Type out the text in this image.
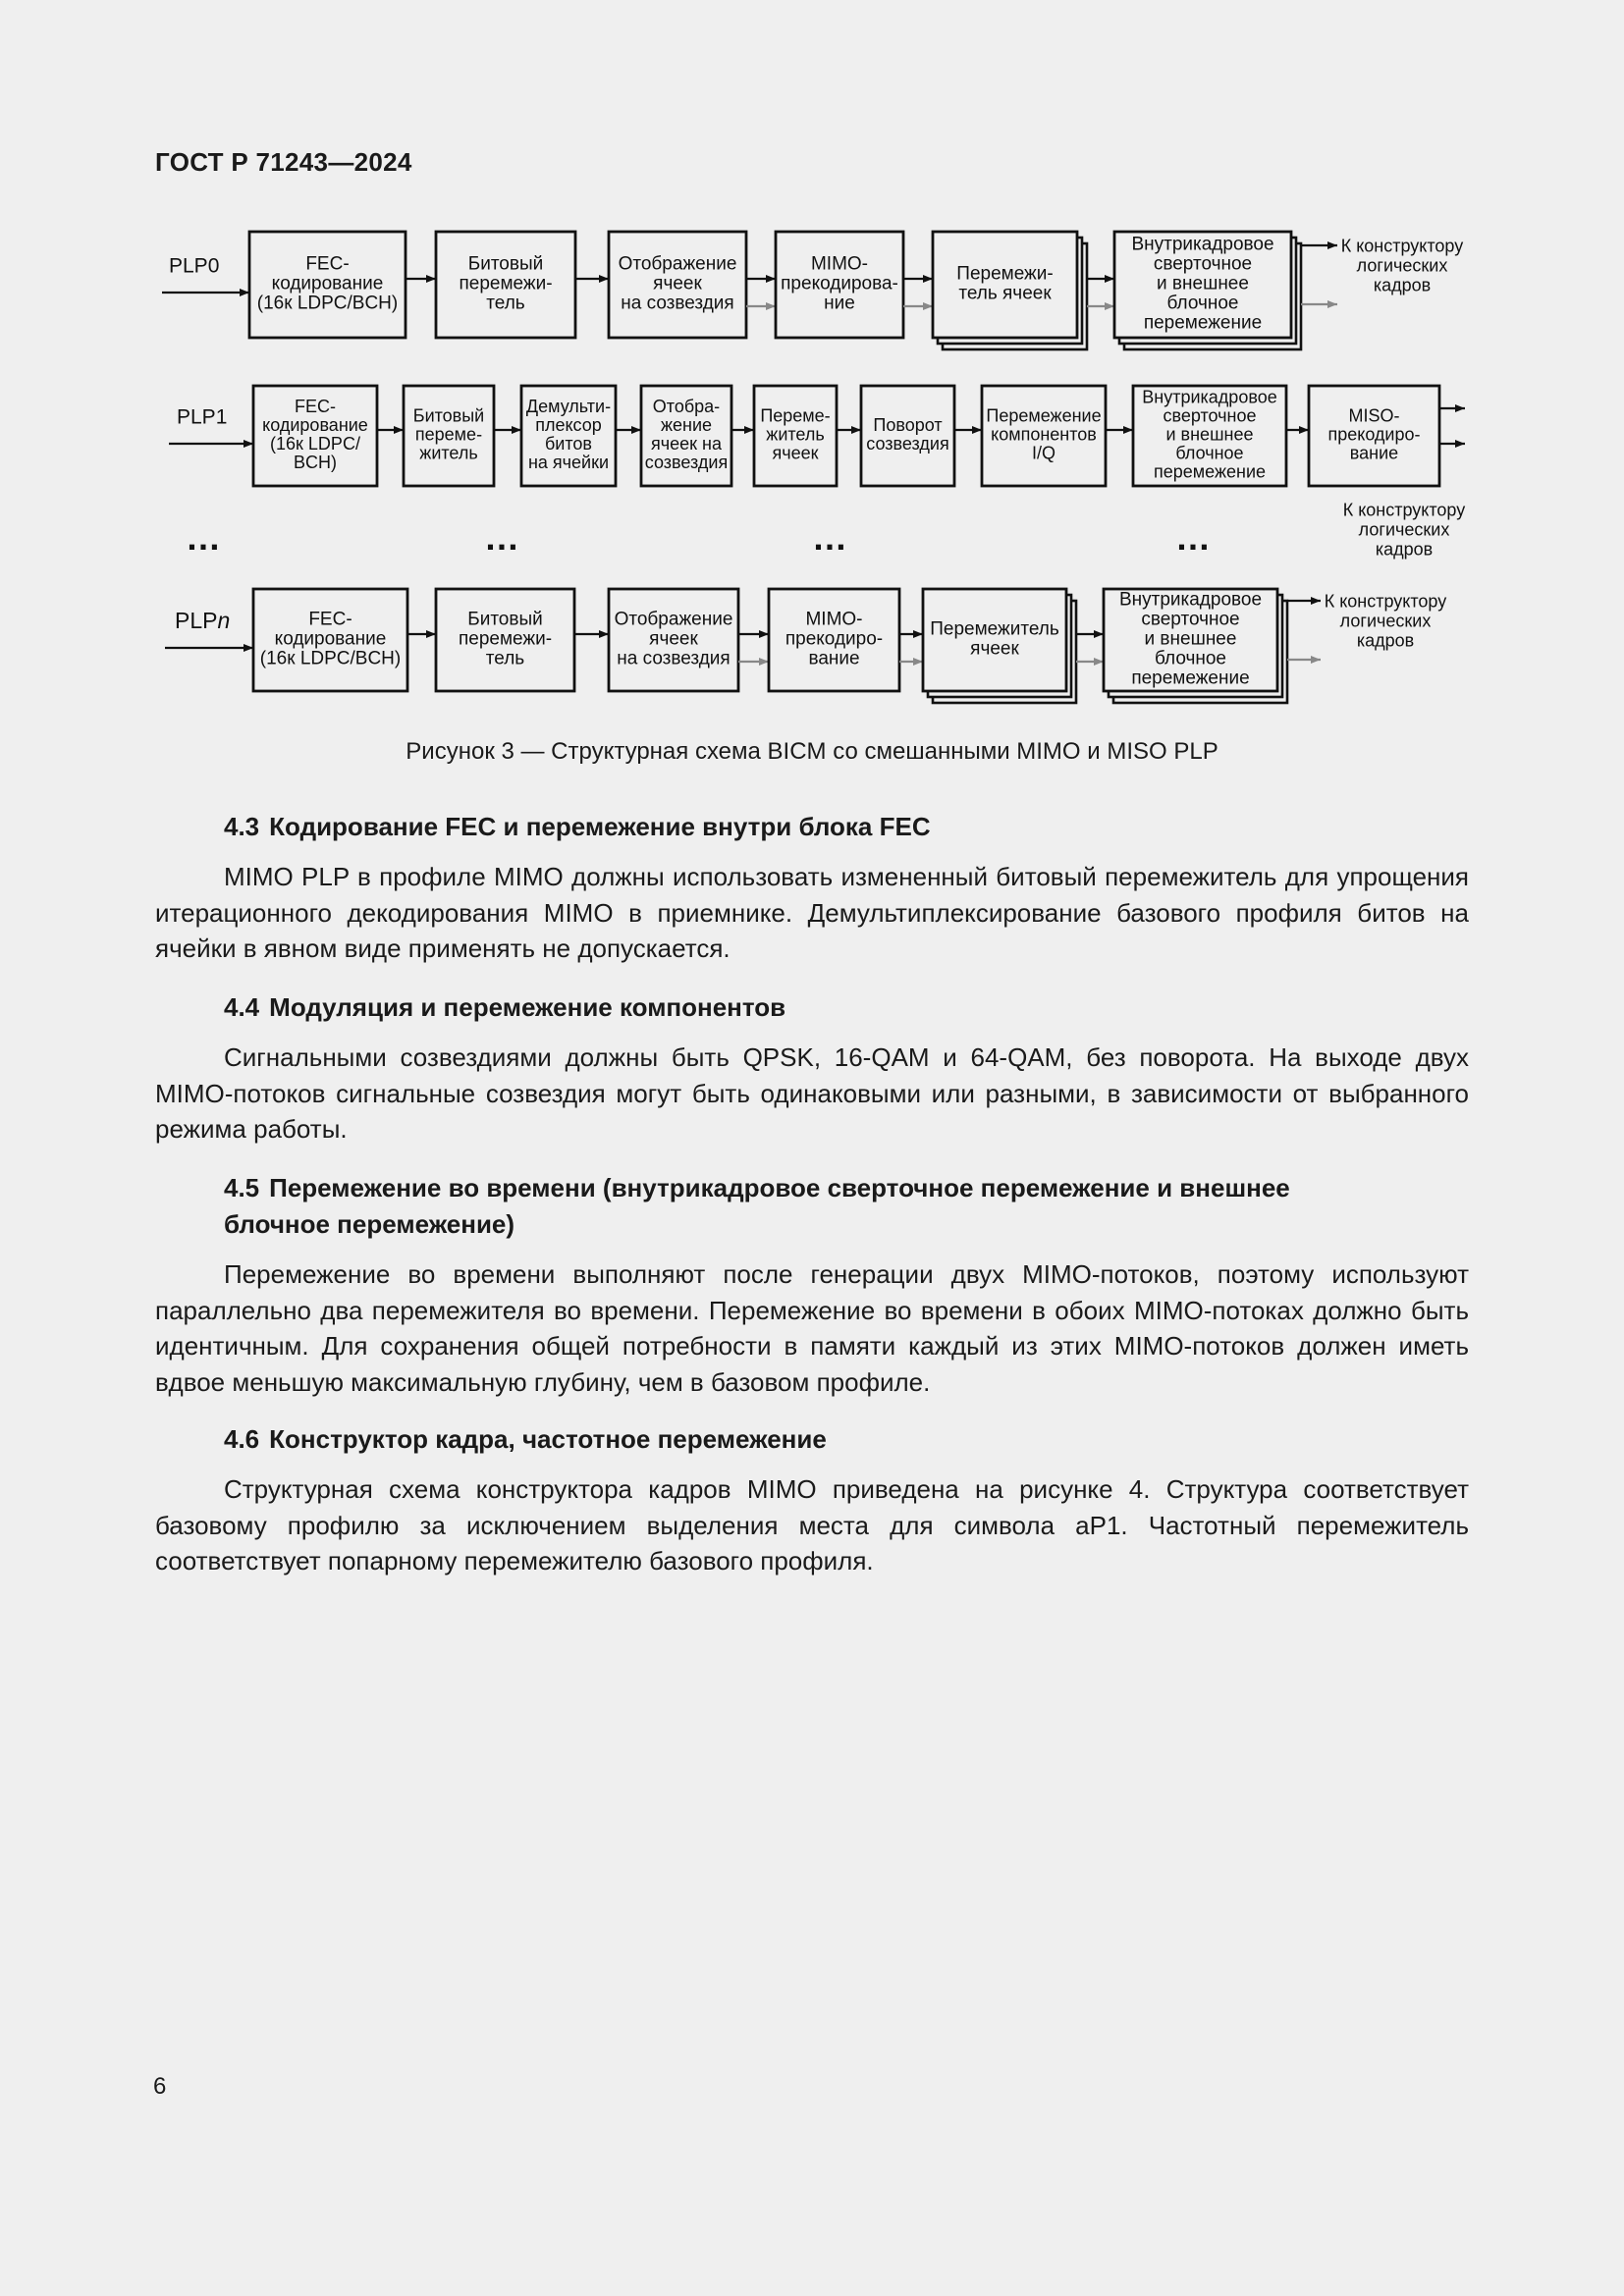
ГОСТ Р 71243—2024
PLP0	FEC-кодирование (16к LDPC/BCH)
Битовый перемежи-тель
Отображение ячеек на созвездия
MIMO-прекодирова-ние
Перемежи-тель ячеек
Внутрикадровое сверточное и внешнее блочное перемежение
К конструктору логических кадров
PLP1	FEC-кодирование (16к LDPC/ BCH)
Битовый переме-житель
Демульти-плексор битов на ячейки
Отобра-жение ячеек на созвездия
Переме-житель ячеек
Поворот созвездия
Перемежение компонентов I/Q
Внутрикадровое сверточное и внешнее блочное перемежение
MISO-прекодиро-вание
К конструктору логических кадров
PLPn	FEC-кодирование (16к LDPC/BCH)
Битовый перемежи-тель
Отображение ячеек на созвездия
MIMO-прекодиро-вание
Перемежитель ячеек
Внутрикадровое сверточное и внешнее блочное перемежение
К конструктору логических кадров
…	…	…	…
Рисунок 3 — Структурная схема BICM со смешанными MIMO и MISO PLP

4.3 Кодирование FEC и перемежение внутри блока FEC

MIMO PLP в профиле MIMO должны использовать измененный битовый перемежитель для упрощения итерационного декодирования MIMO в приемнике. Демультиплексирование базового профиля битов на ячейки в явном виде применять не допускается.

4.4 Модуляция и перемежение компонентов

Сигнальными созвездиями должны быть QPSK, 16-QAM и 64-QAM, без поворота. На выходе двух MIMO-потоков сигнальные созвездия могут быть одинаковыми или разными, в зависимости от выбранного режима работы.

4.5 Перемежение во времени (внутрикадровое сверточное перемежение и внешнее блочное перемежение)

Перемежение во времени выполняют после генерации двух MIMO-потоков, поэтому используют параллельно два перемежителя во времени. Перемежение во времени в обоих MIMO-потоках должно быть идентичным. Для сохранения общей потребности в памяти каждый из этих MIMO-потоков должен иметь вдвое меньшую максимальную глубину, чем в базовом профиле.

4.6 Конструктор кадра, частотное перемежение

Структурная схема конструктора кадров MIMO приведена на рисунке 4. Структура соответствует базовому профилю за исключением выделения места для символа aP1. Частотный перемежитель соответствует попарному перемежителю базового профиля.

6
